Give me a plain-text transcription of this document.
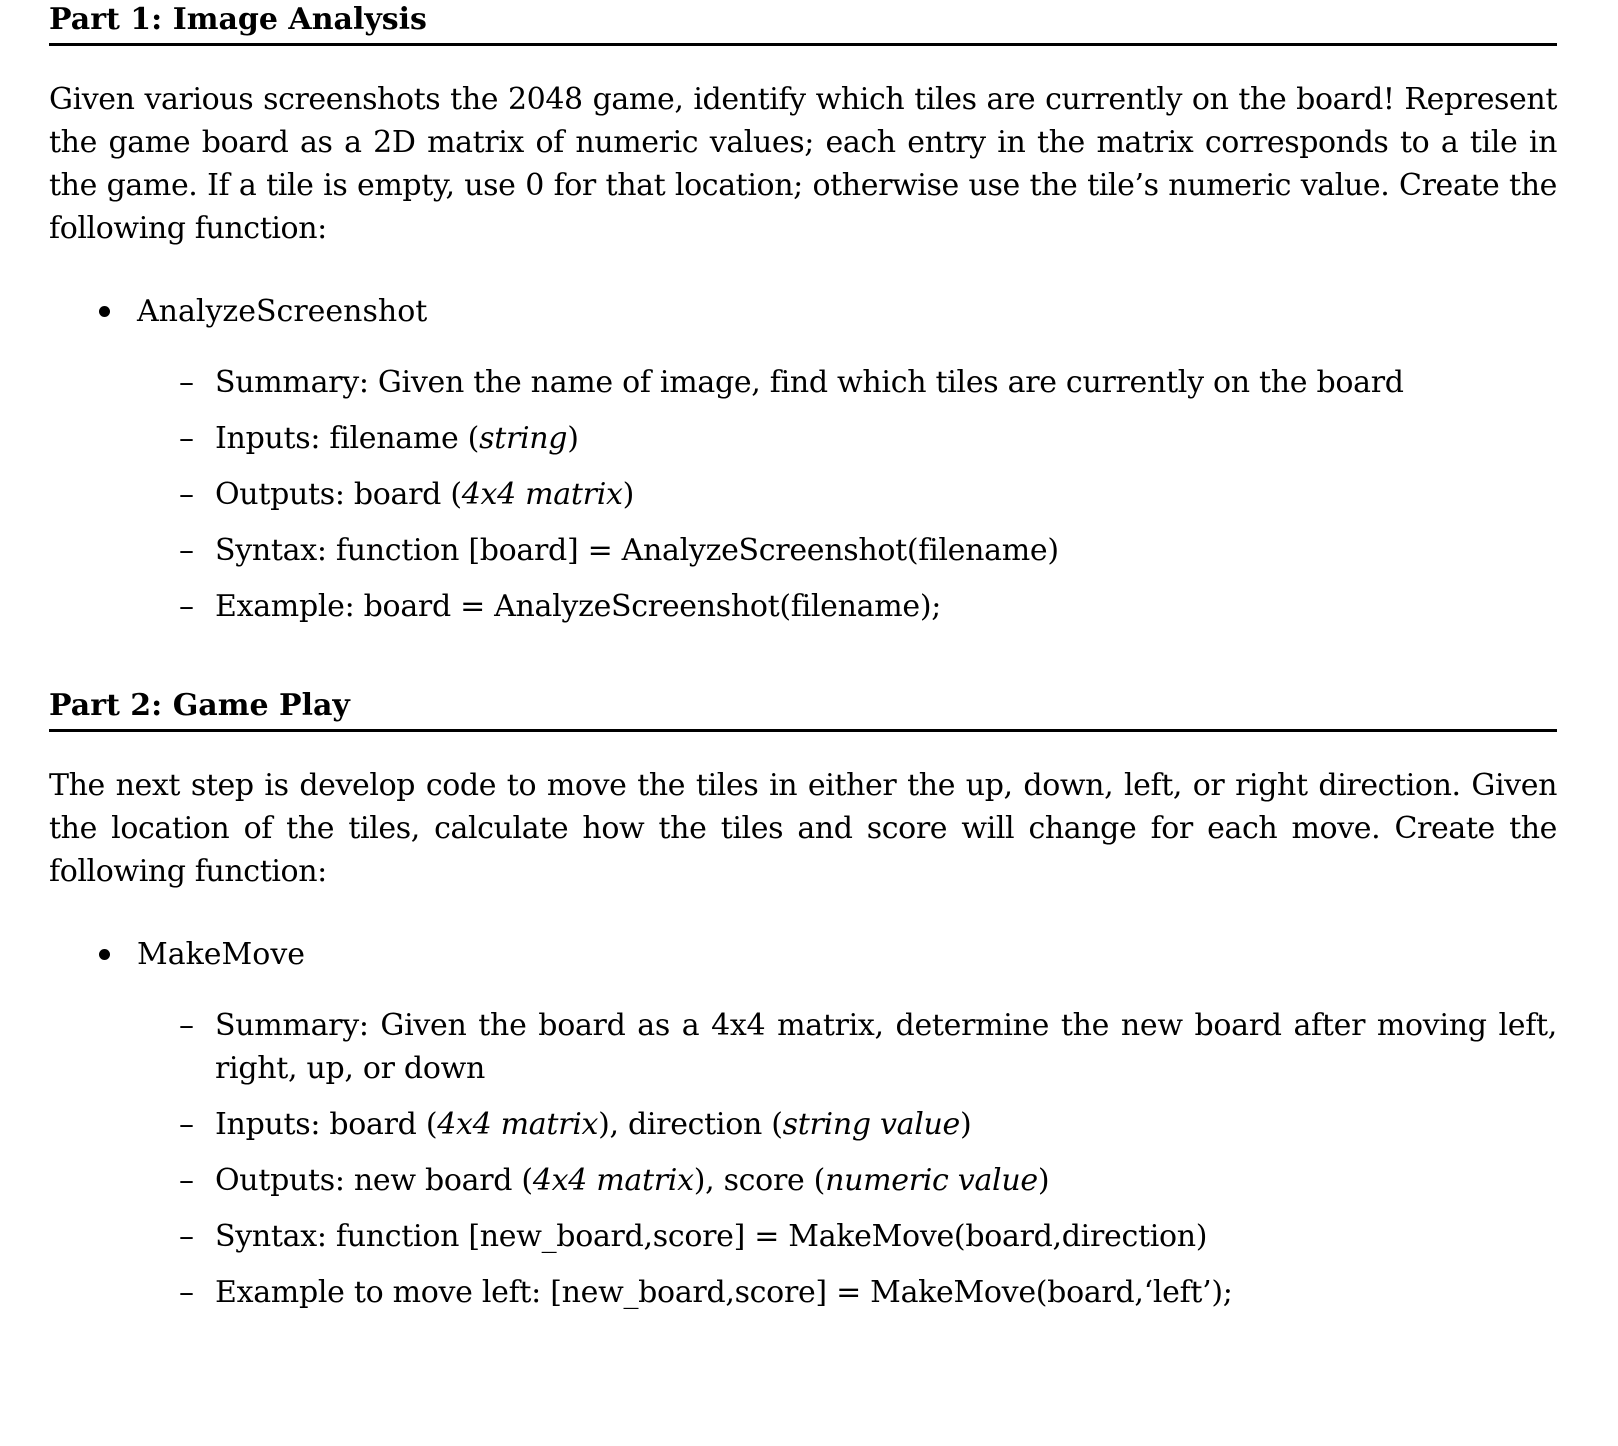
Part 1: Image Analysis
Given various screenshots the 2048 game, identify which tiles are currently on the board! Represent the game board as a 2D matrix of numeric values; each entry in the matrix corresponds to a tile in the game. If a tile is empty, use 0 for that location; otherwise use the tile’s numeric value. Create the following function:
AnalyzeScreenshot
– Summary: Given the name of image, find which tiles are currently on the board
– Inputs: filename (string)
– Outputs: board (4x4 matrix)
– Syntax: function [board] = AnalyzeScreenshot(filename)
– Example: board = AnalyzeScreenshot(filename);
Part 2: Game Play
The next step is develop code to move the tiles in either the up, down, left, or right direction. Given the location of the tiles, calculate how the tiles and score will change for each move. Create the following function:
MakeMove
– Summary: Given the board as a 4x4 matrix, determine the new board after moving left, right, up, or down
– Inputs: board (4x4 matrix), direction (string value)
– Outputs: new board (4x4 matrix), score (numeric value)
– Syntax: function [new_board,score] = MakeMove(board,direction)
– Example to move left: [new_board,score] = MakeMove(board,‘left’);
